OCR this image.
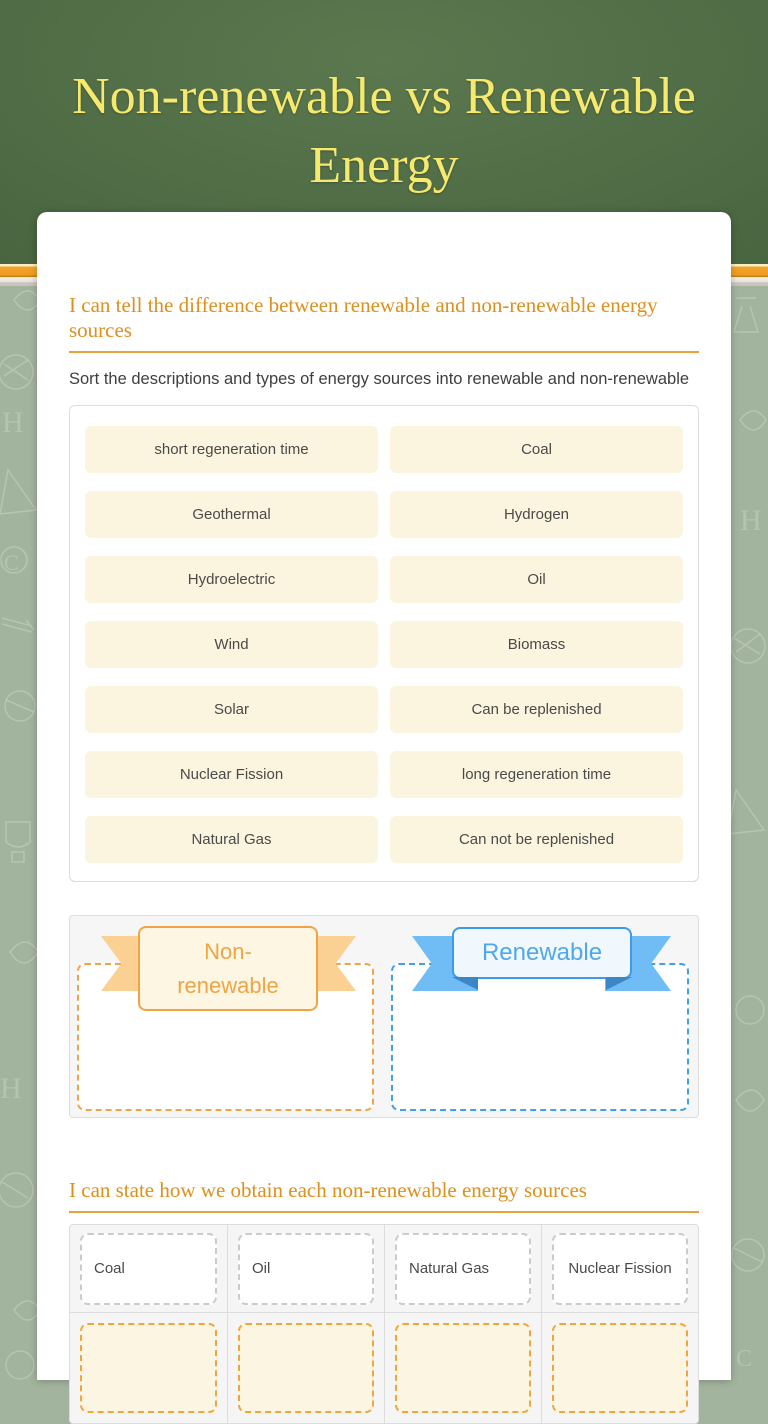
H
C
H
H
C
Non-renewable vs Renewable Energy
I can tell the difference between renewable and non-renewable energy sources

Sort the descriptions and types of energy sources into renewable and non-renewable

short regeneration time	Coal
Geothermal	Hydrogen
Hydroelectric	Oil
Wind	Biomass
Solar	Can be replenished
Nuclear Fission	long regeneration time
Natural Gas	Can not be replenished
Non-renewable
Renewable
I can state how we obtain each non-renewable energy sources
Coal	Oil	Natural Gas	Nuclear Fission
